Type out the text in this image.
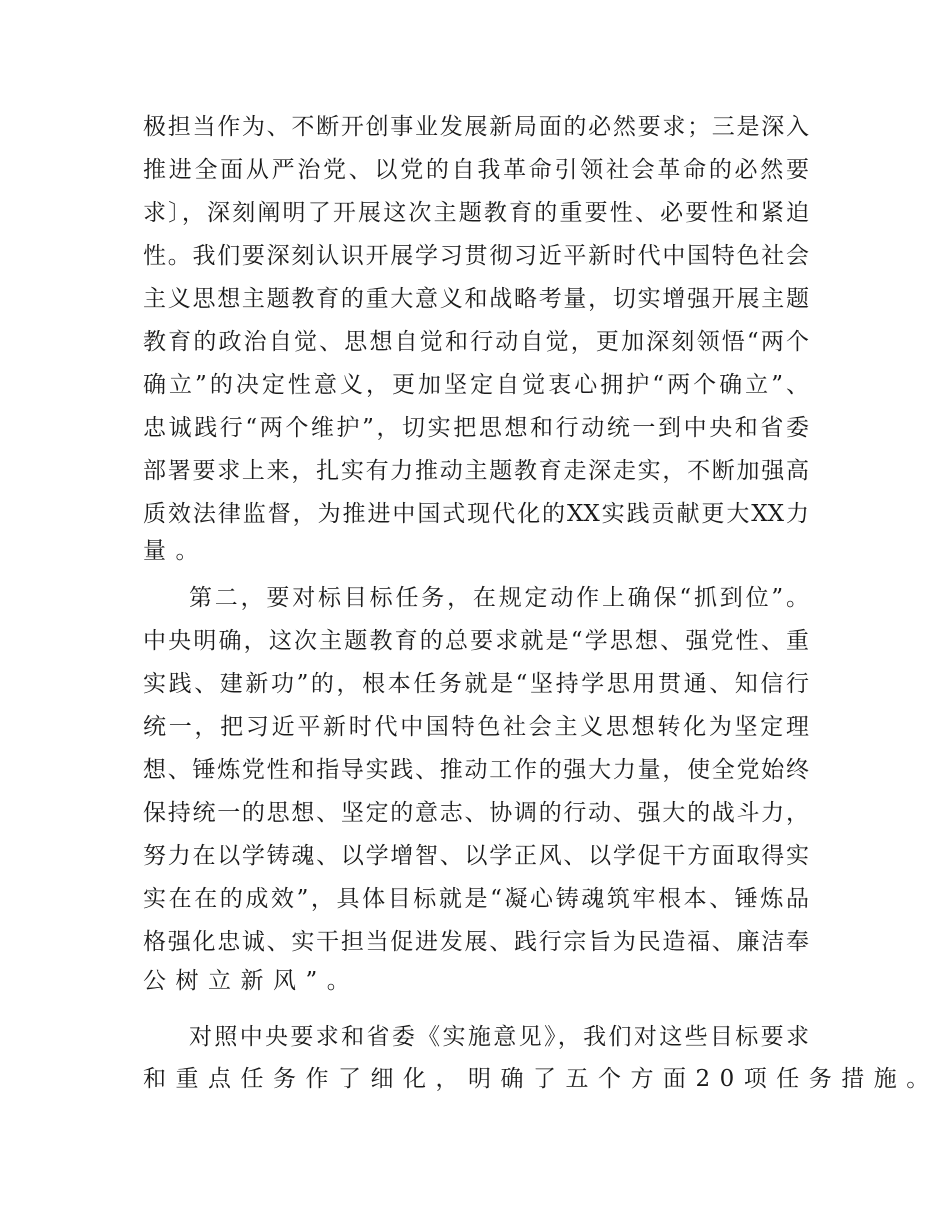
极担当作为、不断开创事业发展新局面的必然要求；三是深入
推进全面从严治党、以党的自我革命引领社会革命的必然要
求〕，深刻阐明了开展这次主题教育的重要性、必要性和紧迫
性。我们要深刻认识开展学习贯彻习近平新时代中国特色社会
主义思想主题教育的重大意义和战略考量，切实增强开展主题
教育的政治自觉、思想自觉和行动自觉，更加深刻领悟“两个
确立”的决定性意义，更加坚定自觉衷心拥护“两个确立”、
忠诚践行“两个维护”，切实把思想和行动统一到中央和省委
部署要求上来，扎实有力推动主题教育走深走实，不断加强高
质效法律监督，为推进中国式现代化的XX实践贡献更大XX力
量。
第二，要对标目标任务，在规定动作上确保“抓到位”。
中央明确，这次主题教育的总要求就是“学思想、强党性、重
实践、建新功”的，根本任务就是“坚持学思用贯通、知信行
统一，把习近平新时代中国特色社会主义思想转化为坚定理
想、锤炼党性和指导实践、推动工作的强大力量，使全党始终
保持统一的思想、坚定的意志、协调的行动、强大的战斗力，
努力在以学铸魂、以学增智、以学正风、以学促干方面取得实
实在在的成效”，具体目标就是“凝心铸魂筑牢根本、锤炼品
格强化忠诚、实干担当促进发展、践行宗旨为民造福、廉洁奉
公树立新风”。
对照中央要求和省委《实施意见》，我们对这些目标要求
和重点任务作了细化，明确了五个方面20项任务措施。
